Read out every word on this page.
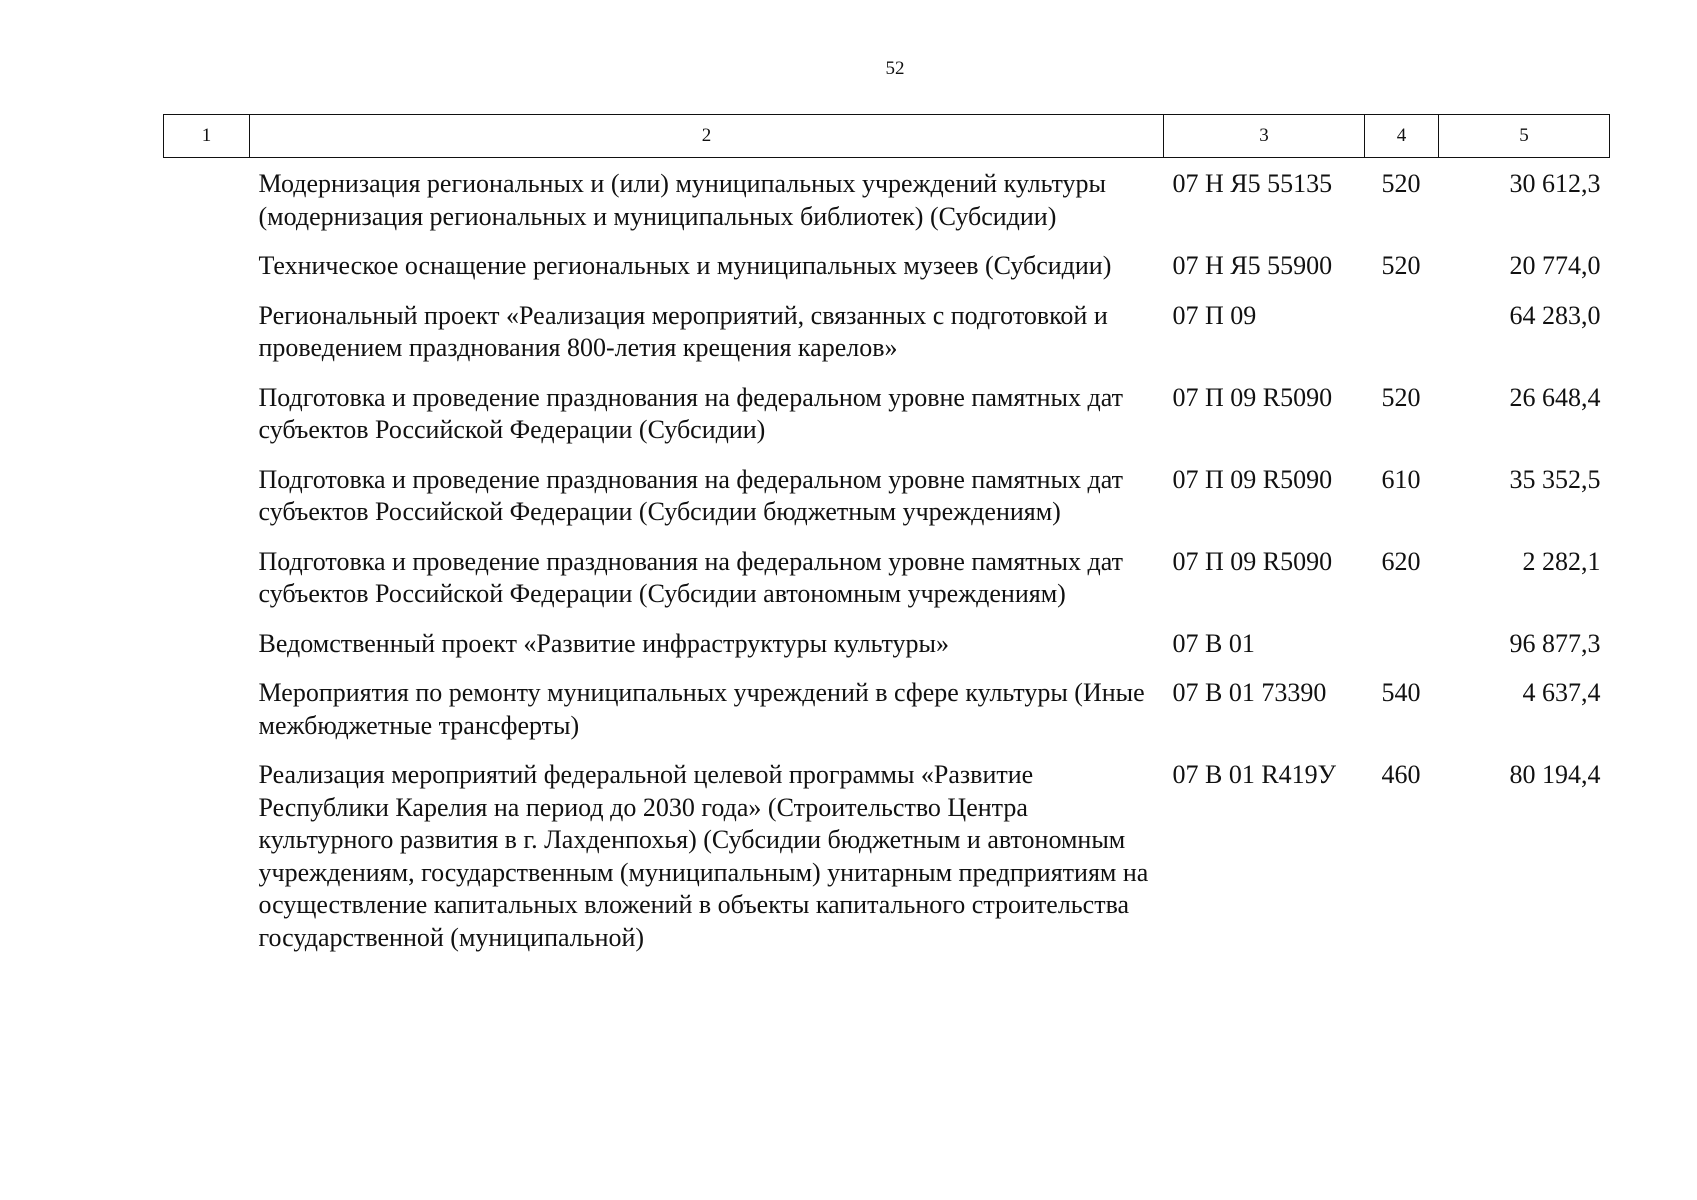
52
1	2	3	4	5
	Модернизация региональных и (или) муниципальных учреждений культуры (модернизация региональных и муниципальных библиотек) (Субсидии)	07 Н Я5 55135	520	30 612,3
	Техническое оснащение региональных и муниципальных музеев (Субсидии)	07 Н Я5 55900	520	20 774,0
	Региональный проект «Реализация мероприятий, связанных с подготовкой и проведением празднования 800-летия крещения карелов»	07 П 09		64 283,0
	Подготовка и проведение празднования на федеральном уровне памятных дат субъектов Российской Федерации (Субсидии)	07 П 09 R5090	520	26 648,4
	Подготовка и проведение празднования на федеральном уровне памятных дат субъектов Российской Федерации (Субсидии бюджетным учреждениям)	07 П 09 R5090	610	35 352,5
	Подготовка и проведение празднования на федеральном уровне памятных дат субъектов Российской Федерации (Субсидии автономным учреждениям)	07 П 09 R5090	620	2 282,1
	Ведомственный проект «Развитие инфраструктуры культуры»	07 В 01		96 877,3
	Мероприятия по ремонту муниципальных учреждений в сфере культуры (Иные межбюджетные трансферты)	07 В 01 73390	540	4 637,4
	Реализация мероприятий федеральной целевой программы «Развитие Республики Карелия на период до 2030 года» (Строительство Центра культурного развития в г. Лахденпохья) (Субсидии бюджетным и автономным учреждениям, государственным (муниципальным) унитарным предприятиям на осуществление капитальных вложений в объекты капитального строительства государственной (муниципальной)	07 В 01 R419У	460	80 194,4
